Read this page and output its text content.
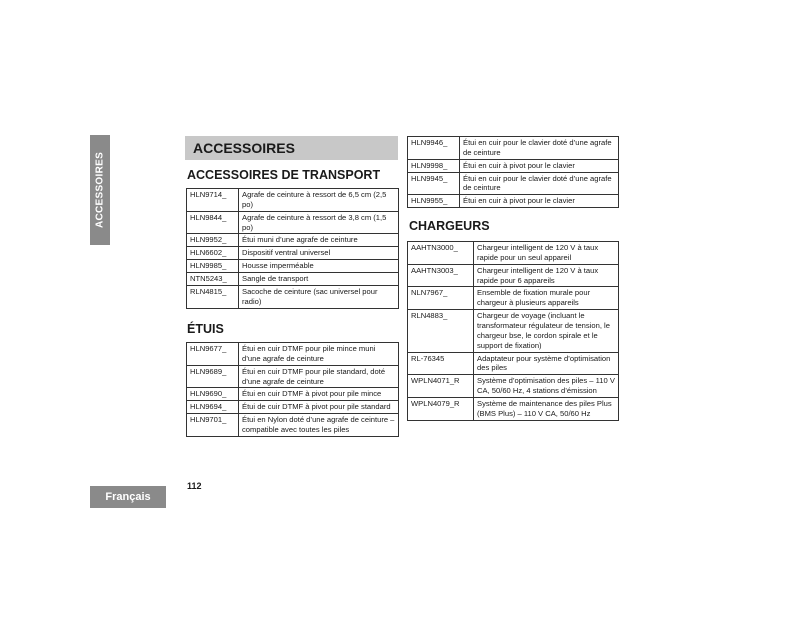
ACCESSOIRES
ACCESSOIRES
ACCESSOIRES DE TRANSPORT
HLN9714_	Agrafe de ceinture à ressort de 6,5 cm (2,5 po)
HLN9844_	Agrafe de ceinture à ressort de 3,8 cm (1,5 po)
HLN9952_	Étui muni d’une agrafe de ceinture
HLN6602_	Dispositif ventral universel
HLN9985_	Housse imperméable
NTN5243_	Sangle de transport
RLN4815_	Sacoche de ceinture (sac universel pour radio)
ÉTUIS
HLN9677_	Étui en cuir DTMF pour pile mince muni d’une agrafe de ceinture
HLN9689_	Étui en cuir DTMF pour pile standard, doté d’une agrafe de ceinture
HLN9690_	Étui en cuir DTMF à pivot pour pile mince
HLN9694_	Étui de cuir DTMF à pivot pour pile standard
HLN9701_	Étui en Nylon doté d’une agrafe de ceinture – compatible avec toutes les piles
HLN9946_	Étui en cuir pour le clavier doté d’une agrafe de ceinture
HLN9998_	Étui en cuir à pivot pour le clavier
HLN9945_	Étui en cuir pour le clavier doté d’une agrafe de ceinture
HLN9955_	Étui en cuir à pivot pour le clavier
CHARGEURS
AAHTN3000_	Chargeur intelligent de 120 V à taux rapide pour un seul appareil
AAHTN3003_	Chargeur intelligent de 120 V à taux rapide pour 6 appareils
NLN7967_	Ensemble de fixation murale pour chargeur à plusieurs appareils
RLN4883_	Chargeur de voyage (incluant le transformateur régulateur de tension, le chargeur bse, le cordon spirale et le support de fixation)
RL-76345	Adaptateur pour système d’optimisation des piles
WPLN4071_R	Système d’optimisation des piles – 110 V CA, 50/60 Hz, 4 stations d’émission
WPLN4079_R	Système de maintenance des piles Plus (BMS Plus) – 110 V CA, 50/60 Hz
112
Français
